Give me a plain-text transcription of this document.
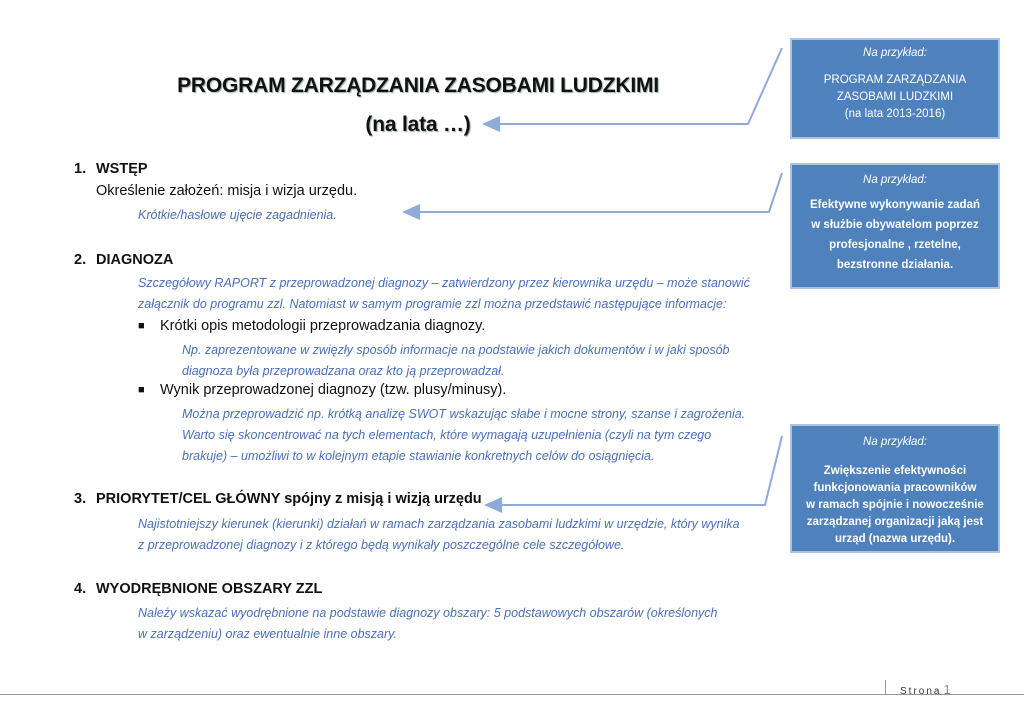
PROGRAM ZARZĄDZANIA ZASOBAMI LUDZKIMI
(na lata …)
1. WSTĘP
Określenie założeń: misja i wizja urzędu.
Krótkie/hasłowe ujęcie zagadnienia.
2. DIAGNOZA
Szczegółowy RAPORT z przeprowadzonej diagnozy – zatwierdzony przez kierownika urzędu – może stanowić
załącznik do programu zzl. Natomiast w samym programie zzl można przedstawić następujące informacje:
■ Krótki opis metodologii przeprowadzania diagnozy.
Np. zaprezentowane w zwięzły sposób informacje na podstawie jakich dokumentów i w jaki sposób
diagnoza była przeprowadzana oraz kto ją przeprowadzał.
■ Wynik przeprowadzonej diagnozy (tzw. plusy/minusy).
Można przeprowadzić np. krótką analizę SWOT wskazując słabe i mocne strony, szanse i zagrożenia.
Warto się skoncentrować na tych elementach, które wymagają uzupełnienia (czyli na tym czego
brakuje) – umożliwi to w kolejnym etapie stawianie konkretnych celów do osiągnięcia.
3. PRIORYTET/CEL GŁÓWNY spójny z misją i wizją urzędu
Najistotniejszy kierunek (kierunki) działań w ramach zarządzania zasobami ludzkimi w urzędzie, który wynika
z przeprowadzonej diagnozy i z którego będą wynikały poszczególne cele szczegółowe.
4. WYODRĘBNIONE OBSZARY ZZL
Należy wskazać wyodrębnione na podstawie diagnozy obszary: 5 podstawowych obszarów (określonych
w zarządzeniu) oraz ewentualnie inne obszary.
Na przykład:
PROGRAM ZARZĄDZANIA
ZASOBAMI LUDZKIMI
(na lata 2013-2016)
Na przykład:
Efektywne wykonywanie zadań
w służbie obywatelom poprzez
profesjonalne , rzetelne,
bezstronne działania.
Na przykład:
Zwiększenie efektywności
funkcjonowania pracowników
w ramach spójnie i nowocześnie
zarządzanej organizacji jaką jest
urząd (nazwa urzędu).
Strona 1
